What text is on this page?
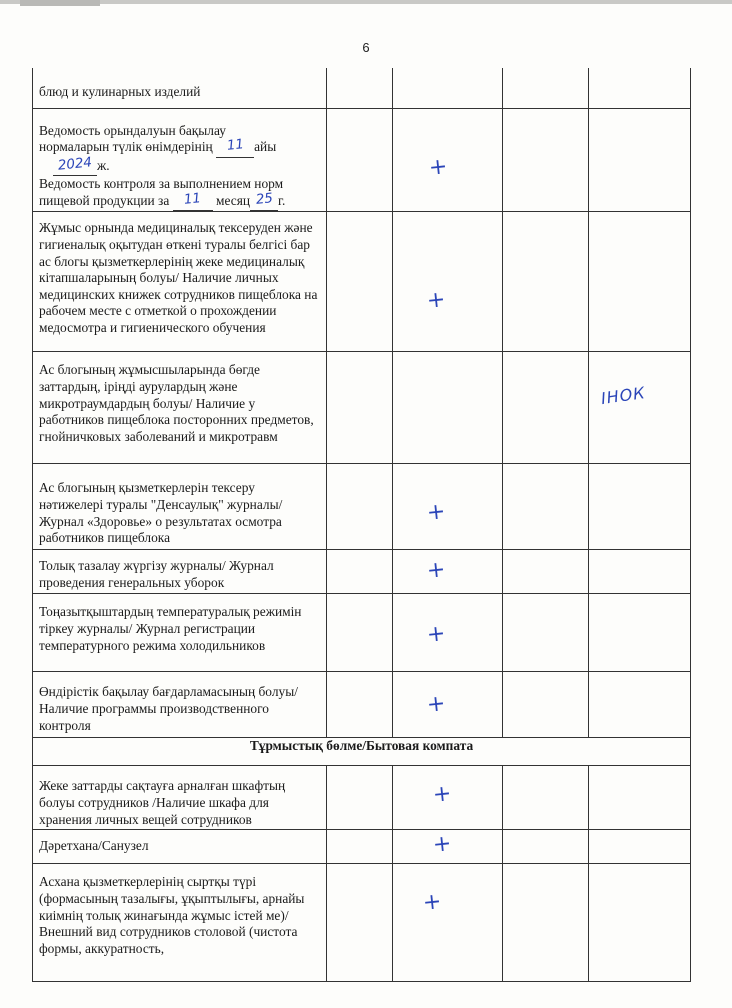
6
блюд и кулинарных изделий				

Ведомость орындалуын бақылау
нормаларын түлік өнімдерінің 11 айы
2024 ж.
Ведомость контроля за выполнением норм
пищевой продукции за 11 месяц 25 г.		+		

Жұмыс орнында медициналық тексеруден және гигиеналық оқытудан өткені туралы белгісі бар ас блогы қызметкерлерінің жеке медициналық кітапшаларының болуы/ Наличие личных медицинских книжек сотрудников пищеблока на рабочем месте с отметкой о прохождении медосмотра и гигиенического обучения		+		

Ас блогының жұмысшыларында бөгде заттардың, іріңді аурулардың және микротраумдардың болуы/ Наличие у работников пищеблока посторонних предметов, гнойничковых заболеваний и микротравм				ІНОК

Ас блогының қызметкерлерін тексеру нәтижелері туралы "Денсаулық" журналы/ Журнал «Здоровье» о результатах осмотра работников пищеблока		+		

Толық тазалау жүргізу журналы/ Журнал проведения генеральных уборок		+		

Тоңазытқыштардың температуралық режимін тіркеу журналы/ Журнал регистрации температурного режима холодильников		+		

Өндірістік бақылау бағдарламасының болуы/ Наличие программы производственного контроля		+		

Тұрмыстық бөлме/Бытовая компата				

Жеке заттарды сақтауға арналған шкафтың болуы сотрудников /Наличие шкафа для хранения личных вещей сотрудников		+		

Дәретхана/Санузел		+		

Асхана қызметкерлерінің сыртқы түрі (формасының тазалығы, ұқыптылығы, арнайы киімнің толық жинағында жұмыс істей ме)/ Внешний вид сотрудников столовой (чистота формы, аккуратность,		+		
